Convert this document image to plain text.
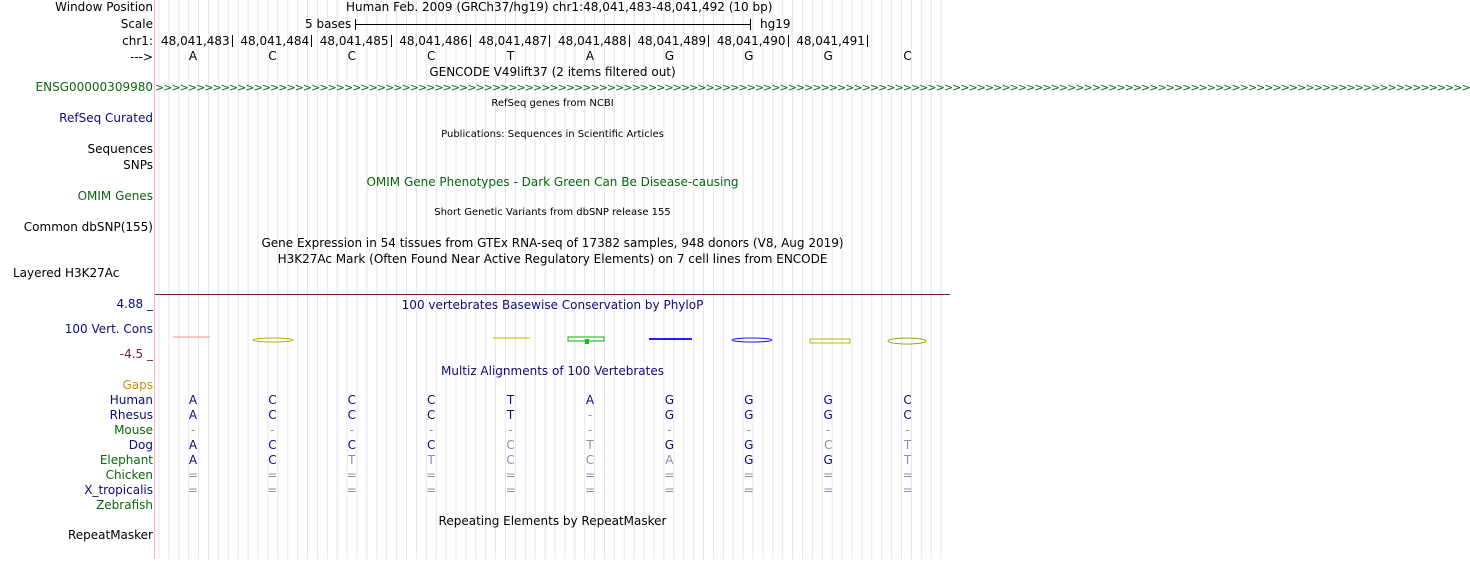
Window Position
Scale
chr1:
--->
ENSG00000309980
RefSeq Curated
Sequences
SNPs
OMIM Genes
Common dbSNP(155)
Layered H3K27Ac
4.88 _
100 Vert. Cons
-4.5 _
Gaps
Human
Rhesus
Mouse
Dog
Elephant
Chicken
X_tropicalis
Zebrafish
RepeatMasker
Human Feb. 2009 (GRCh37/hg19) chr1:48,041,483-48,041,492 (10 bp)
5 bases	hg19
48,041,483 48,041,484 48,041,485 48,041,486 48,041,487 48,041,488 48,041,489 48,041,490 48,041,491
A	C	C	C	T	A	G	G	G	C
GENCODE V49lift37 (2 items filtered out)
>>>>>>>>>>>>>>>>>>>>>>>>>>>>>>>>>>>>>>>>>>>>>>>>>>>>>>>>>>>>>>>>>>>>>>>>>>>>>>>>>>>>>>>>>>>>>>>>>>>>>>>>>>>>>>>>>>>>>>>>>>>>>>>>>>>>>>>>>>>>>>>>>>>>>>>>>>>>>>>>
RefSeq genes from NCBI
Publications: Sequences in Scientific Articles
OMIM Gene Phenotypes - Dark Green Can Be Disease-causing
Short Genetic Variants from dbSNP release 155
Gene Expression in 54 tissues from GTEx RNA-seq of 17382 samples, 948 donors (V8, Aug 2019)
H3K27Ac Mark (Often Found Near Active Regulatory Elements) on 7 cell lines from ENCODE
100 vertebrates Basewise Conservation by PhyloP
Multiz Alignments of 100 Vertebrates
A	C	C	C	T	A	G	G	G	C
A	C	C	C	T	-	G	G	G	C
-	-	-	-	-	-	-	-	-	-
A	C	C	C	C	T	G	G	C	T
A	C	T	T	C	C	A	G	G	T
=	=	=	=	=	=	=	=	=	=
=	=	=	=	=	=	=	=	=	=
Repeating Elements by RepeatMasker
